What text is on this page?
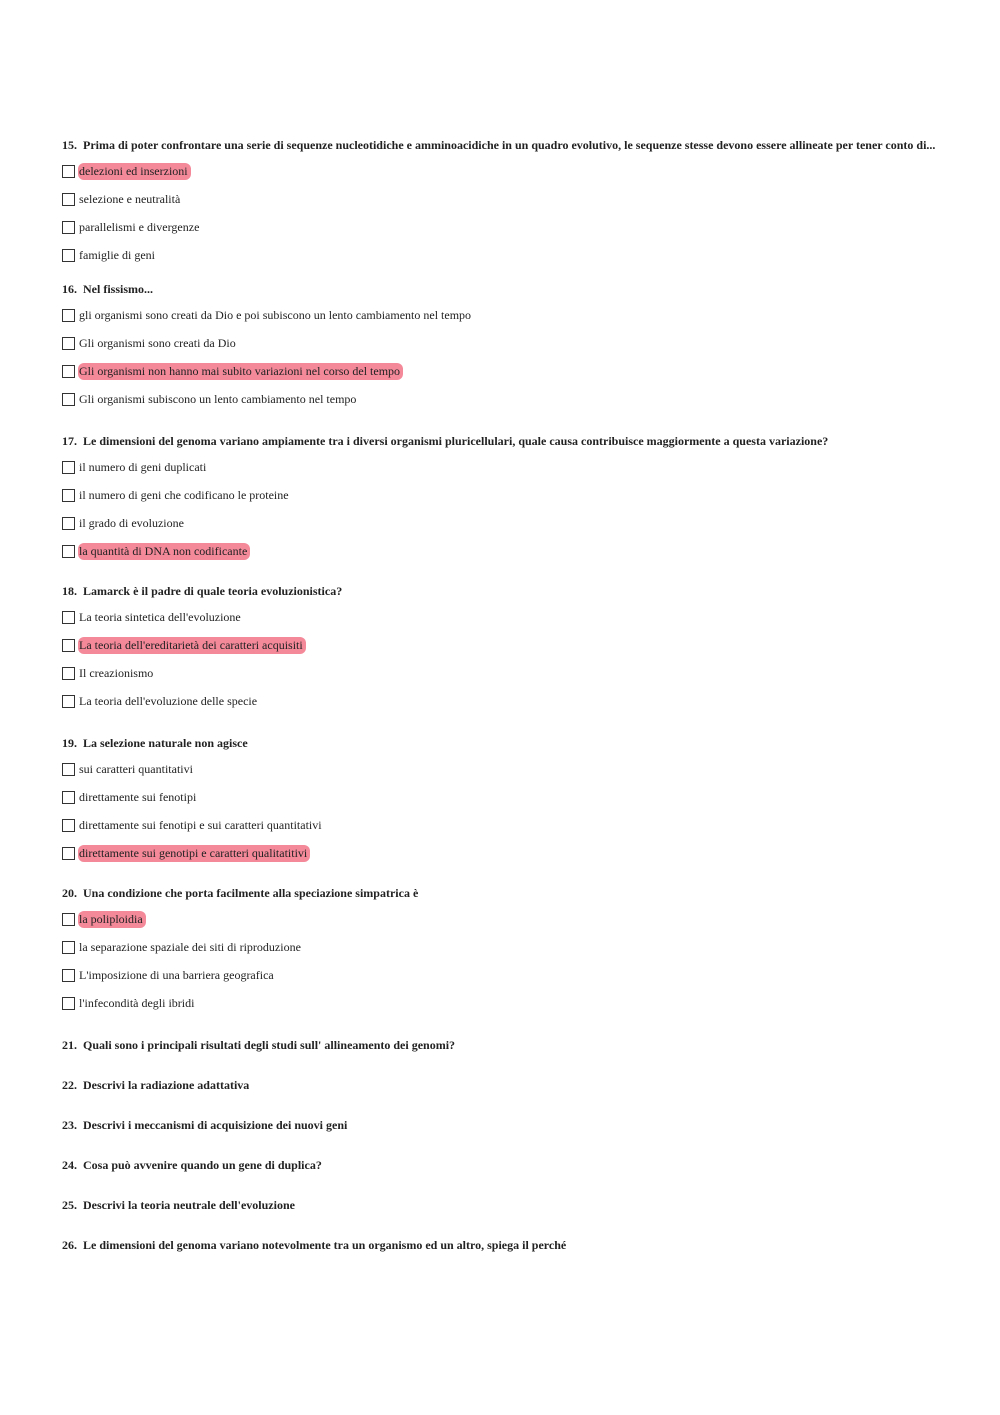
15. Prima di poter confrontare una serie di sequenze nucleotidiche e amminoacidiche in un quadro evolutivo, le sequenze stesse devono essere allineate per tener conto di...

delezioni ed inserzioni
selezione e neutralità
parallelismi e divergenze
famiglie di geni

16. Nel fissismo...

gli organismi sono creati da Dio e poi subiscono un lento cambiamento nel tempo
Gli organismi sono creati da Dio
Gli organismi non hanno mai subito variazioni nel corso del tempo
Gli organismi subiscono un lento cambiamento nel tempo

17. Le dimensioni del genoma variano ampiamente tra i diversi organismi pluricellulari, quale causa contribuisce maggiormente a questa variazione?

il numero di geni duplicati
il numero di geni che codificano le proteine
il grado di evoluzione
la quantità di DNA non codificante

18. Lamarck è il padre di quale teoria evoluzionistica?

La teoria sintetica dell'evoluzione
La teoria dell'ereditarietà dei caratteri acquisiti
Il creazionismo
La teoria dell'evoluzione delle specie

19. La selezione naturale non agisce

sui caratteri quantitativi
direttamente sui fenotipi
direttamente sui fenotipi e sui caratteri quantitativi
direttamente sui genotipi e caratteri qualitatitivi

20. Una condizione che porta facilmente alla speciazione simpatrica è

la poliploidia
la separazione spaziale dei siti di riproduzione
L'imposizione di una barriera geografica
l'infecondità degli ibridi

21. Quali sono i principali risultati degli studi sull' allineamento dei genomi?

22. Descrivi la radiazione adattativa

23. Descrivi i meccanismi di acquisizione dei nuovi geni

24. Cosa può avvenire quando un gene di duplica?

25. Descrivi la teoria neutrale dell'evoluzione

26. Le dimensioni del genoma variano notevolmente tra un organismo ed un altro, spiega il perché
